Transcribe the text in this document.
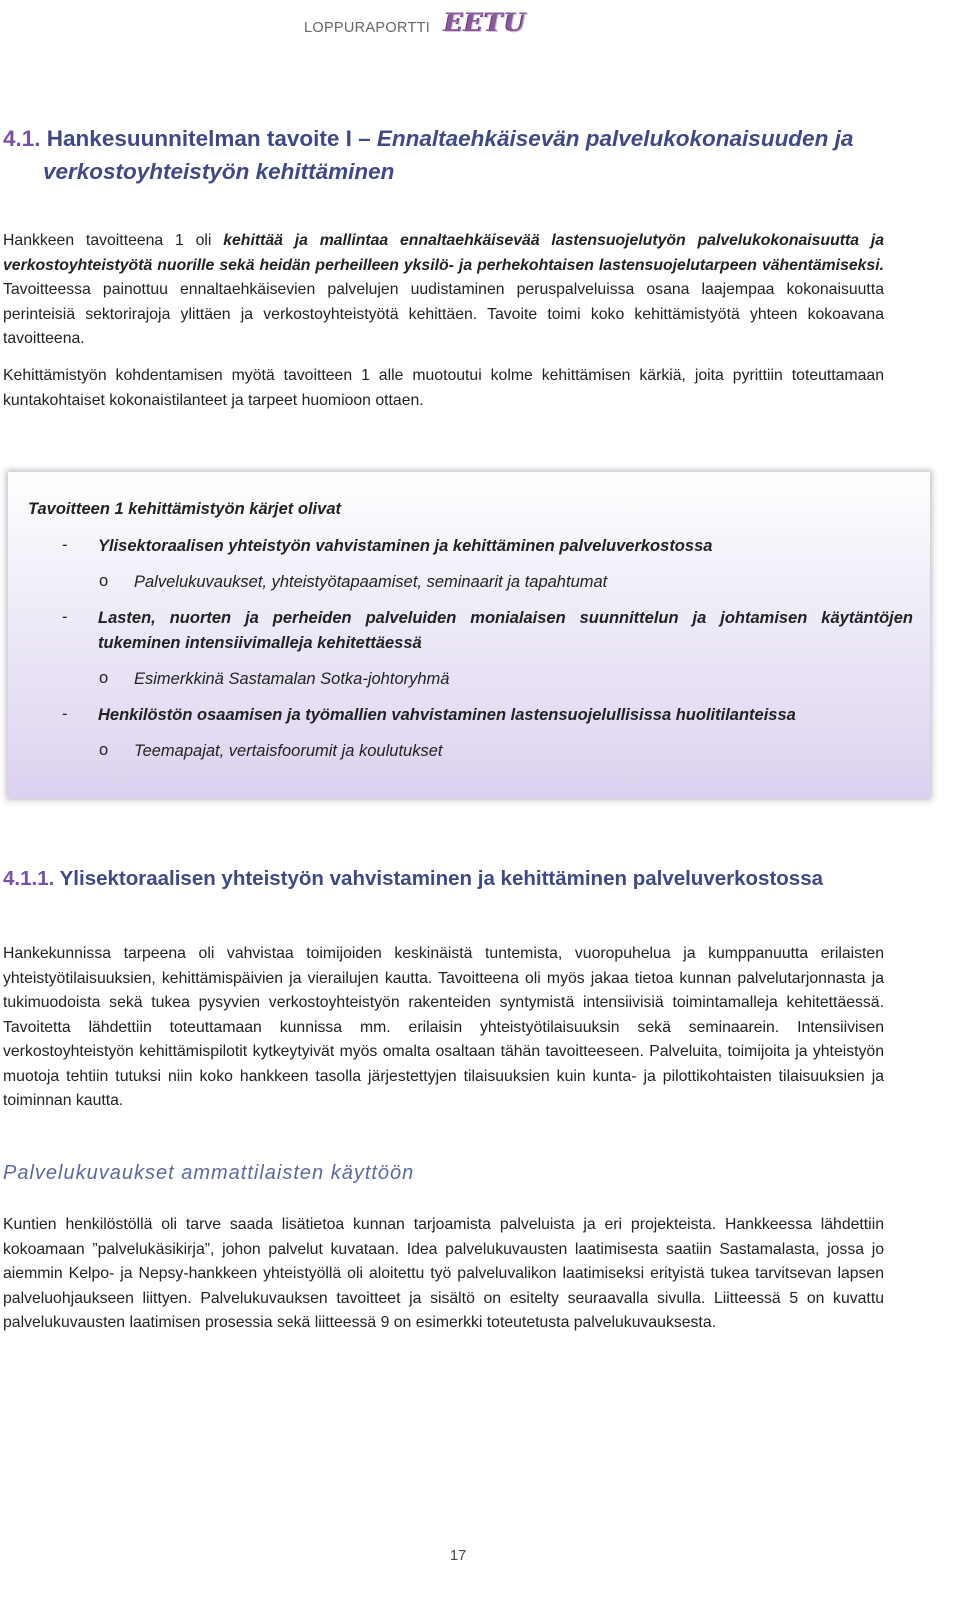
LOPPURAPORTTI EETU
4.1. Hankesuunnitelman tavoite I – Ennaltaehkäisevän palvelukokonaisuuden ja
verkostoyhteistyön kehittäminen
Hankkeen tavoitteena 1 oli kehittää ja mallintaa ennaltaehkäisevää lastensuojelutyön palvelukokonaisuutta ja verkostoyhteistyötä nuorille sekä heidän perheilleen yksilö- ja perhekohtaisen lastensuojelutarpeen vähentämiseksi. Tavoitteessa painottuu ennaltaehkäisevien palvelujen uudistaminen peruspalveluissa osana laajempaa kokonaisuutta perinteisiä sektorirajoja ylittäen ja verkostoyhteistyötä kehittäen. Tavoite toimi koko kehittämistyötä yhteen kokoavana tavoitteena.
Kehittämistyön kohdentamisen myötä tavoitteen 1 alle muotoutui kolme kehittämisen kärkiä, joita pyrittiin toteuttamaan kuntakohtaiset kokonaistilanteet ja tarpeet huomioon ottaen.
Tavoitteen 1 kehittämistyön kärjet olivat
- Ylisektoraalisen yhteistyön vahvistaminen ja kehittäminen palveluverkostossa
o Palvelukuvaukset, yhteistyötapaamiset, seminaarit ja tapahtumat
- Lasten, nuorten ja perheiden palveluiden monialaisen suunnittelun ja johtamisen käytäntöjen tukeminen intensiivimalleja kehitettäessä
o Esimerkkinä Sastamalan Sotka-johtoryhmä
- Henkilöstön osaamisen ja työmallien vahvistaminen lastensuojelullisissa huolitilanteissa
o Teemapajat, vertaisfoorumit ja koulutukset
4.1.1. Ylisektoraalisen yhteistyön vahvistaminen ja kehittäminen palveluverkostossa
Hankekunnissa tarpeena oli vahvistaa toimijoiden keskinäistä tuntemista, vuoropuhelua ja kumppanuutta erilaisten yhteistyötilaisuuksien, kehittämispäivien ja vierailujen kautta. Tavoitteena oli myös jakaa tietoa kunnan palvelutarjonnasta ja tukimuodoista sekä tukea pysyvien verkostoyhteistyön rakenteiden syntymistä intensiivisiä toimintamalleja kehitettäessä. Tavoitetta lähdettiin toteuttamaan kunnissa mm. erilaisin yhteistyötilaisuuksin sekä seminaarein. Intensiivisen verkostoyhteistyön kehittämispilotit kytkeytyivät myös omalta osaltaan tähän tavoitteeseen. Palveluita, toimijoita ja yhteistyön muotoja tehtiin tutuksi niin koko hankkeen tasolla järjestettyjen tilaisuuksien kuin kunta- ja pilottikohtaisten tilaisuuksien ja toiminnan kautta.
Palvelukuvaukset ammattilaisten käyttöön
Kuntien henkilöstöllä oli tarve saada lisätietoa kunnan tarjoamista palveluista ja eri projekteista. Hankkeessa lähdettiin kokoamaan ”palvelukäsikirja”, johon palvelut kuvataan. Idea palvelukuvausten laatimisesta saatiin Sastamalasta, jossa jo aiemmin Kelpo- ja Nepsy-hankkeen yhteistyöllä oli aloitettu työ palveluvalikon laatimiseksi erityistä tukea tarvitsevan lapsen palveluohjaukseen liittyen. Palvelukuvauksen tavoitteet ja sisältö on esitelty seuraavalla sivulla. Liitteessä 5 on kuvattu palvelukuvausten laatimisen prosessia sekä liitteessä 9 on esimerkki toteutetusta palvelukuvauksesta.
17
